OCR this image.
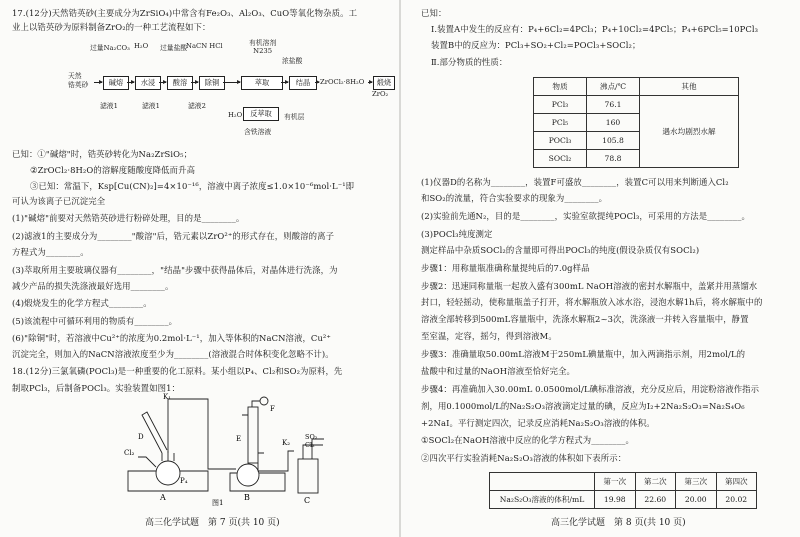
17.(12分)天然锆英砂(主要成分为ZrSiO₄)中常含有Fe₂O₃、Al₂O₃、CuO等氧化物杂质。工
业上以锆英砂为原料制备ZrO₂的一种工艺流程如下：
天然
锆英砂
过量Na₂CO₃
碱熔
H₂O
水浸
过量盐酸
酸溶
NaCN HCl
除铜
有机溶剂
N235
萃取
浓盐酸
结晶	ZrOCl₂·8H₂O	煅烧
ZrO₂
滤液1	滤液1	滤液2
H₂O	反萃取	有机层
含铁溶液
已知：①"碱熔"时，锆英砂转化为Na₂ZrSiO₅；
②ZrOCl₂·8H₂O的溶解度随酸度降低而升高
③已知：常温下，Ksp[Cu(CN)₂]=4×10⁻¹⁶，溶液中离子浓度≤1.0×10⁻⁶mol·L⁻¹即
可认为该离子已沉淀完全
(1)"碱熔"前要对天然锆英砂进行粉碎处理，目的是________。
(2)滤液1的主要成分为________"酸溶"后，锆元素以ZrO²⁺的形式存在，则酸溶的离子
方程式为________。
(3)萃取所用主要玻璃仪器有________，"结晶"步骤中获得晶体后，对晶体进行洗涤，为
减少产品的损失洗涤液最好选用________。
(4)煅烧发生的化学方程式________。
(5)该流程中可循环利用的物质有________。
(6)"除铜"时，若溶液中Cu²⁺的浓度为0.2mol·L⁻¹，加入等体积的NaCN溶液，Cu²⁺
沉淀完全，则加入的NaCN溶液浓度至少为________(溶液混合时体积变化忽略不计)。
18.(12分)三氯氧磷(POCl₃)是一种重要的化工原料。某小组以P₄、Cl₂和SO₂为原料，先
制取PCl₃，后制备POCl₃。实验装置如图1：
K₁
D
Cl₂
P₄
A	B
E
F
K₂
SO₂
Cl₂
C
图1
高三化学试题　第 7 页(共 10 页)
已知：
Ⅰ.装置A中发生的反应有：P₄+6Cl₂=4PCl₃；P₄+10Cl₂=4PCl₅；P₄+6PCl₅=10PCl₃
装置B中的反应为：PCl₃+SO₂+Cl₂=POCl₃+SOCl₂；
Ⅱ.部分物质的性质：
物质	沸点/℃	其他
PCl₃	76.1	遇水均剧烈水解
PCl₅	160	
POCl₃	105.8	
SOCl₂	78.8	
(1)仪器D的名称为________，装置F可盛放________，装置C可以用来判断通入Cl₂
和SO₂的流量，符合实验要求的现象为________。
(2)实验前先通N₂，目的是________，实验室欲提纯POCl₃，可采用的方法是________。
(3)POCl₃纯度测定
测定样品中杂质SOCl₂的含量即可得出POCl₃的纯度(假设杂质仅有SOCl₂)
步骤1：用称量瓶准确称量提纯后的7.0g样品
步骤2：迅速同称量瓶一起放入盛有300mL NaOH溶液的密封水解瓶中，盖紧并用蒸馏水
封口，轻轻摇动，使称量瓶盖子打开，将水解瓶放入冰水浴，浸泡水解1h后，将水解瓶中的
溶液全部转移到500mL容量瓶中，洗涤水解瓶2~3次，洗涤液一并转入容量瓶中，静置
至室温，定容，摇匀，得到溶液M。
步骤3：准确量取50.00mL溶液M于250mL碘量瓶中，加入两滴指示剂，用2mol/L的
盐酸中和过量的NaOH溶液至恰好完全。
步骤4：再准确加入30.00mL 0.0500mol/L碘标准溶液，充分反应后，用淀粉溶液作指示
剂，用0.1000mol/L的Na₂S₂O₃溶液滴定过量的碘，反应为I₂+2Na₂S₂O₃=Na₂S₄O₆
+2NaI。平行测定四次，记录反应消耗Na₂S₂O₃溶液的体积。
①SOCl₂在NaOH溶液中反应的化学方程式为________。
②四次平行实验消耗Na₂S₂O₃溶液的体积如下表所示：
	第一次	第二次	第三次	第四次
Na₂S₂O₃溶液的体积/mL	19.98	22.60	20.00	20.02
高三化学试题　第 8 页(共 10 页)
